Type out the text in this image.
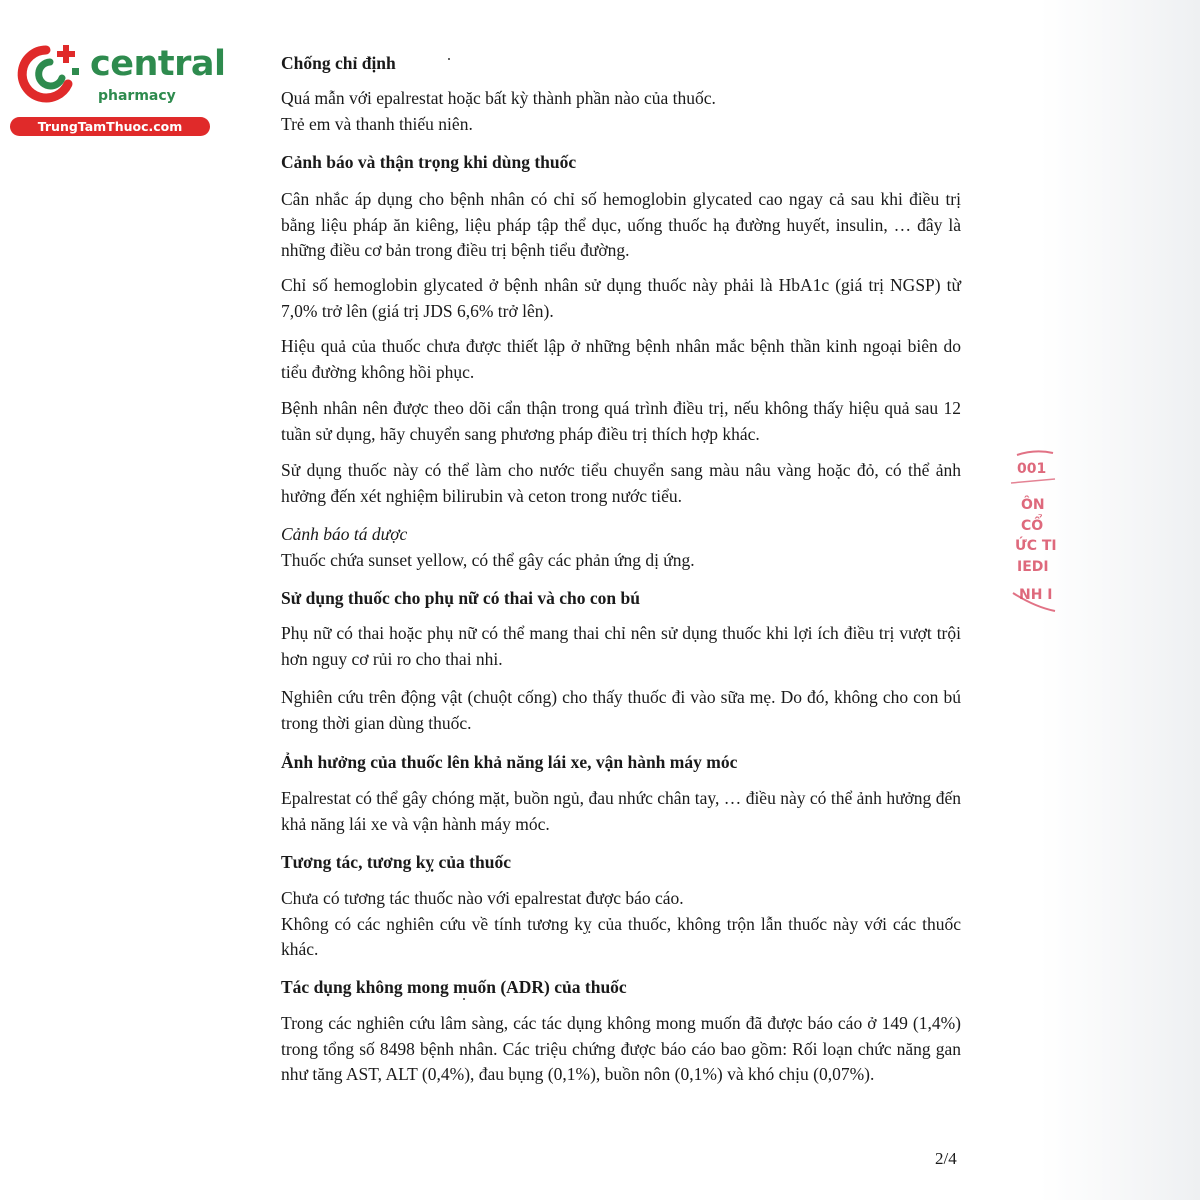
central
pharmacy
TrungTamThuoc.com
Chống chỉ định

Quá mẫn với epalrestat hoặc bất kỳ thành phần nào của thuốc.

Trẻ em và thanh thiếu niên.

Cảnh báo và thận trọng khi dùng thuốc

Cân nhắc áp dụng cho bệnh nhân có chỉ số hemoglobin glycated cao ngay cả sau khi điều trị bằng liệu pháp ăn kiêng, liệu pháp tập thể dục, uống thuốc hạ đường huyết, insulin, … đây là những điều cơ bản trong điều trị bệnh tiểu đường.

Chỉ số hemoglobin glycated ở bệnh nhân sử dụng thuốc này phải là HbA1c (giá trị NGSP) từ 7,0% trở lên (giá trị JDS 6,6% trở lên).

Hiệu quả của thuốc chưa được thiết lập ở những bệnh nhân mắc bệnh thần kinh ngoại biên do tiểu đường không hồi phục.

Bệnh nhân nên được theo dõi cẩn thận trong quá trình điều trị, nếu không thấy hiệu quả sau 12 tuần sử dụng, hãy chuyển sang phương pháp điều trị thích hợp khác.

Sử dụng thuốc này có thể làm cho nước tiểu chuyển sang màu nâu vàng hoặc đỏ, có thể ảnh hưởng đến xét nghiệm bilirubin và ceton trong nước tiểu.

Cảnh báo tá dược

Thuốc chứa sunset yellow, có thể gây các phản ứng dị ứng.

Sử dụng thuốc cho phụ nữ có thai và cho con bú

Phụ nữ có thai hoặc phụ nữ có thể mang thai chỉ nên sử dụng thuốc khi lợi ích điều trị vượt trội hơn nguy cơ rủi ro cho thai nhi.

Nghiên cứu trên động vật (chuột cống) cho thấy thuốc đi vào sữa mẹ. Do đó, không cho con bú trong thời gian dùng thuốc.

Ảnh hưởng của thuốc lên khả năng lái xe, vận hành máy móc

Epalrestat có thể gây chóng mặt, buồn ngủ, đau nhức chân tay, … điều này có thể ảnh hưởng đến khả năng lái xe và vận hành máy móc.

Tương tác, tương kỵ của thuốc

Chưa có tương tác thuốc nào với epalrestat được báo cáo.

Không có các nghiên cứu về tính tương kỵ của thuốc, không trộn lẫn thuốc này với các thuốc khác.

Tác dụng không mong muốn (ADR) của thuốc

Trong các nghiên cứu lâm sàng, các tác dụng không mong muốn đã được báo cáo ở 149 (1,4%) trong tổng số 8498 bệnh nhân. Các triệu chứng được báo cáo bao gồm: Rối loạn chức năng gan như tăng AST, ALT (0,4%), đau bụng (0,1%), buồn nôn (0,1%) và khó chịu (0,07%).

2/4
001
ÔN
CỔ
ỨC TI
IEDI
NH I
